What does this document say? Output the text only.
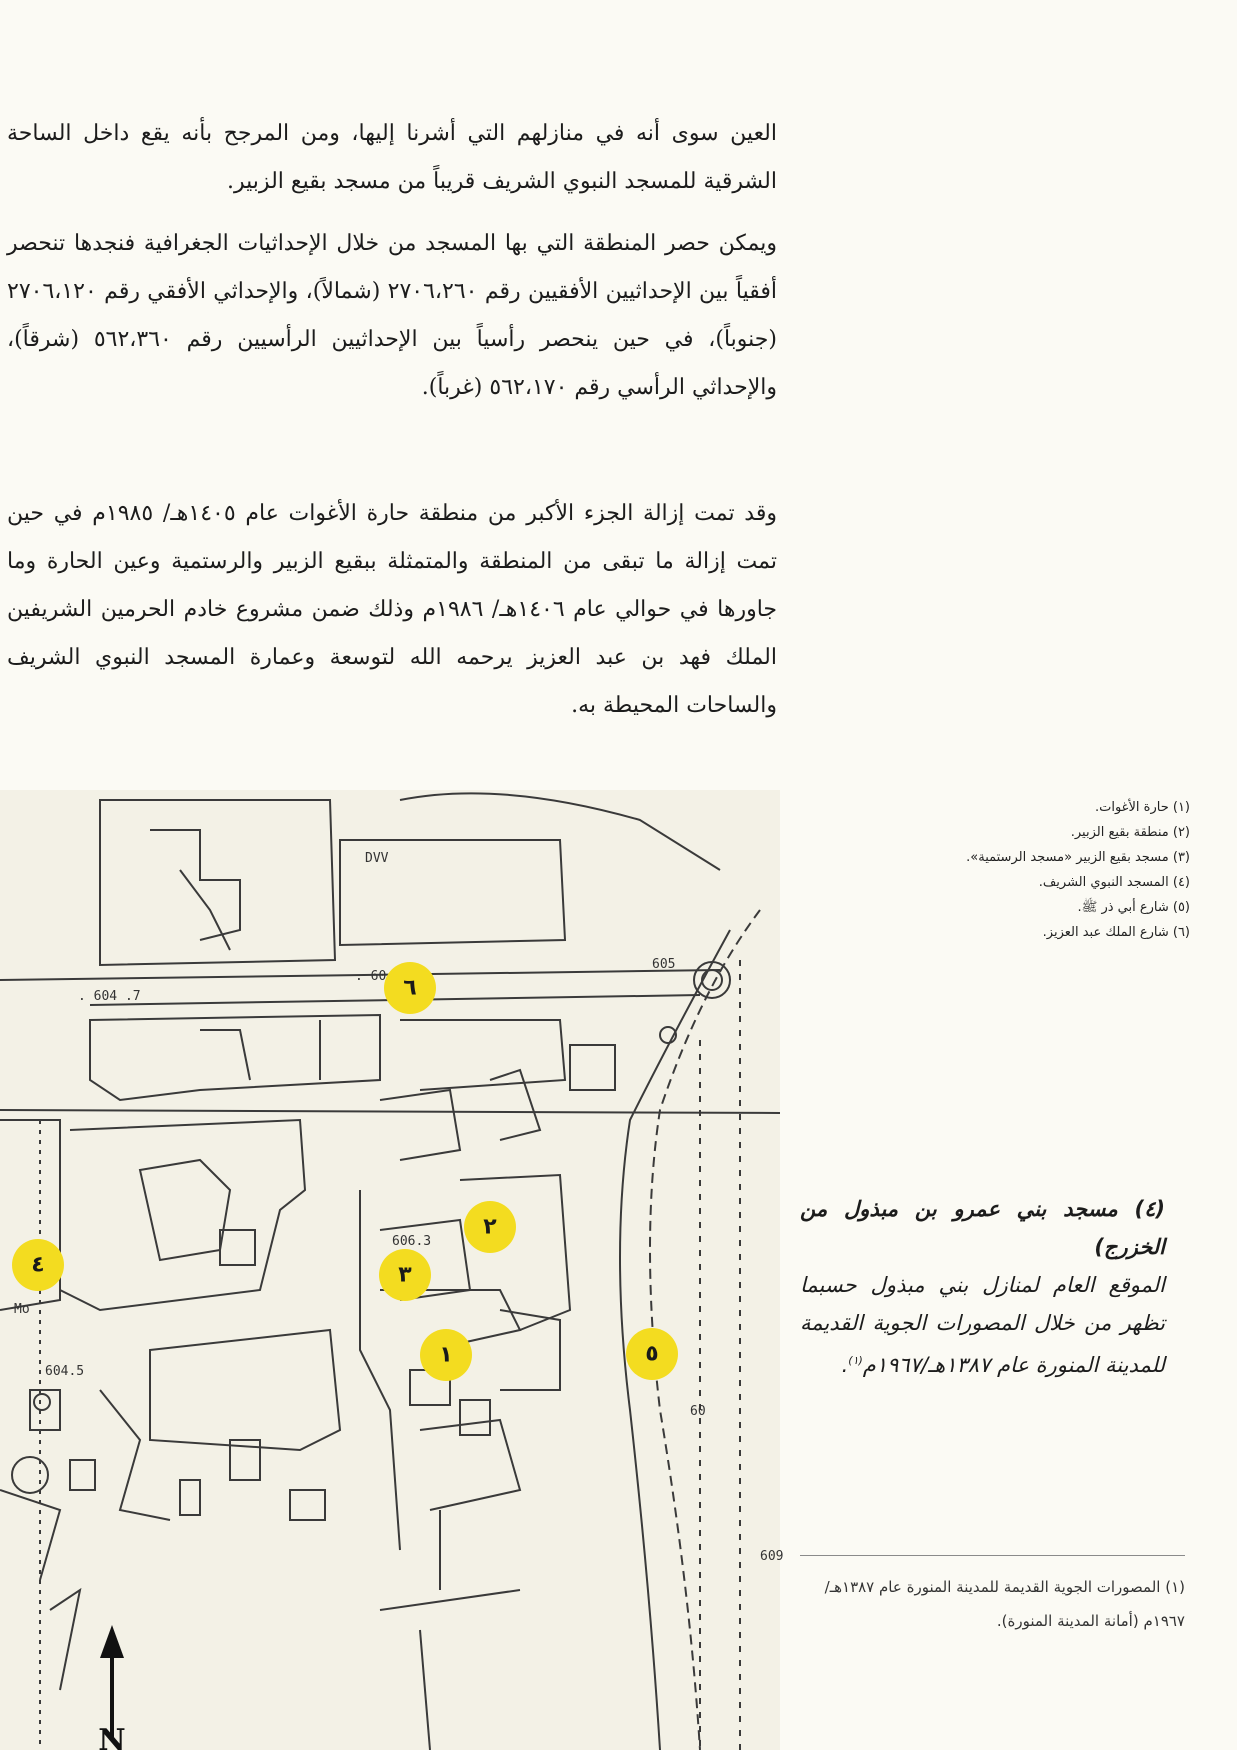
العين سوى أنه في منازلهم التي أشرنا إليها، ومن المرجح بأنه يقع داخل الساحة الشرقية للمسجد النبوي الشريف قريباً من مسجد بقيع الزبير.

ويمكن حصر المنطقة التي بها المسجد من خلال الإحداثيات الجغرافية فنجدها تنحصر أفقياً بين الإحداثيين الأفقيين رقم ٢٧٠٦،٢٦٠ (شمالاً)، والإحداثي الأفقي رقم ٢٧٠٦،١٢٠ (جنوباً)، في حين ينحصر رأسياً بين الإحداثيين الرأسيين رقم ٥٦٢،٣٦٠ (شرقاً)، والإحداثي الرأسي رقم ٥٦٢،١٧٠ (غرباً).

وقد تمت إزالة الجزء الأكبر من منطقة حارة الأغوات عام ١٤٠٥هـ/ ١٩٨٥م في حين تمت إزالة ما تبقى من المنطقة والمتمثلة ببقيع الزبير والرستمية وعين الحارة وما جاورها في حوالي عام ١٤٠٦هـ/ ١٩٨٦م وذلك ضمن مشروع خادم الحرمين الشريفين الملك فهد بن عبد العزيز يرحمه الله لتوسعة وعمارة المسجد النبوي الشريف والساحات المحيطة به.

DVV
. 604 .7
. 60
605
606.3
604.5
Mo
609
60
N
٦
٢
٣
١	٥
٤
(١) حارة الأغوات.
(٢) منطقة بقيع الزبير.
(٣) مسجد بقيع الزبير «مسجد الرستمية».
(٤) المسجد النبوي الشريف.
(٥) شارع أبي ذر ﷺ.
(٦) شارع الملك عبد العزيز.
(٤) مسجد بني عمرو بن مبذول من الخزرج)
الموقع العام لمنازل بني مبذول حسبما تظهر من خلال المصورات الجوية القديمة للمدينة المنورة عام ١٣٨٧هـ/١٩٦٧م$^{(١)}$.
(١) المصورات الجوية القديمة للمدينة المنورة عام ١٣٨٧هـ/ ١٩٦٧م (أمانة المدينة المنورة).
